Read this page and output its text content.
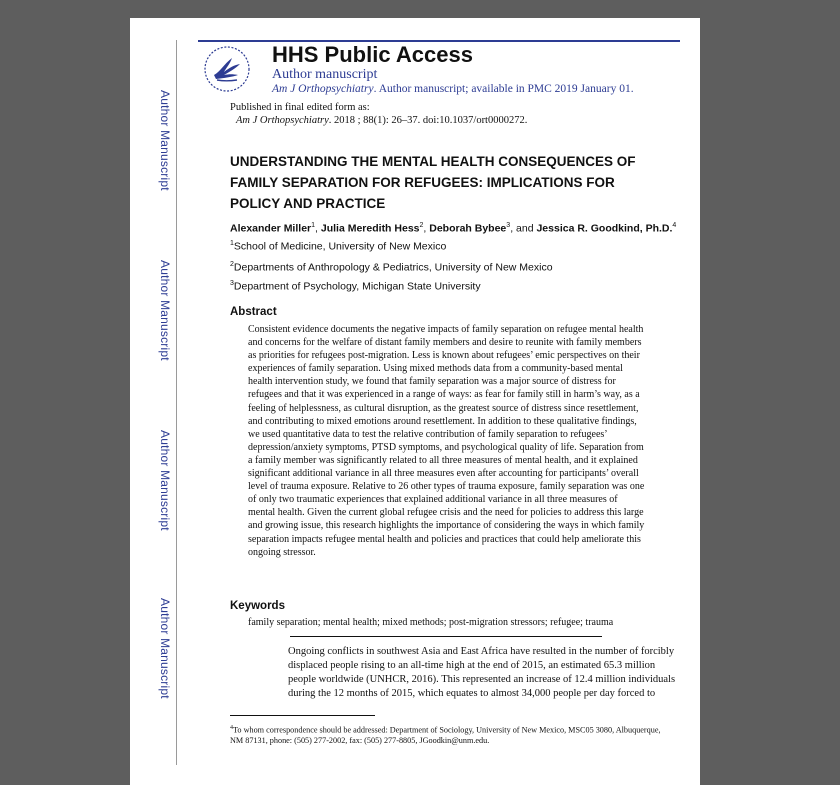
Author Manuscript
Author Manuscript
Author Manuscript
Author Manuscript
HHS Public Access
Author manuscript
Am J Orthopsychiatry. Author manuscript; available in PMC 2019 January 01.
Published in final edited form as:
Am J Orthopsychiatry. 2018 ; 88(1): 26–37. doi:10.1037/ort0000272.
UNDERSTANDING THE MENTAL HEALTH CONSEQUENCES OF FAMILY SEPARATION FOR REFUGEES: IMPLICATIONS FOR POLICY AND PRACTICE
Alexander Miller$^1$, Julia Meredith Hess$^2$, Deborah Bybee$^3$, and Jessica R. Goodkind, Ph.D.$^4$
$^1$School of Medicine, University of New Mexico
$^2$Departments of Anthropology & Pediatrics, University of New Mexico
$^3$Department of Psychology, Michigan State University
Abstract
Consistent evidence documents the negative impacts of family separation on refugee mental health
and concerns for the welfare of distant family members and desire to reunite with family members
as priorities for refugees post-migration. Less is known about refugees’ emic perspectives on their
experiences of family separation. Using mixed methods data from a community-based mental
health intervention study, we found that family separation was a major source of distress for
refugees and that it was experienced in a range of ways: as fear for family still in harm’s way, as a
feeling of helplessness, as cultural disruption, as the greatest source of distress since resettlement,
and contributing to mixed emotions around resettlement. In addition to these qualitative findings,
we used quantitative data to test the relative contribution of family separation to refugees’
depression/anxiety symptoms, PTSD symptoms, and psychological quality of life. Separation from
a family member was significantly related to all three measures of mental health, and it explained
significant additional variance in all three measures even after accounting for participants’ overall
level of trauma exposure. Relative to 26 other types of trauma exposure, family separation was one
of only two traumatic experiences that explained additional variance in all three measures of
mental health. Given the current global refugee crisis and the need for policies to address this large
and growing issue, this research highlights the importance of considering the ways in which family
separation impacts refugee mental health and policies and practices that could help ameliorate this
ongoing stressor.
Keywords
family separation; mental health; mixed methods; post-migration stressors; refugee; trauma
Ongoing conflicts in southwest Asia and East Africa have resulted in the number of forcibly
displaced people rising to an all-time high at the end of 2015, an estimated 65.3 million
people worldwide (UNHCR, 2016). This represented an increase of 12.4 million individuals
during the 12 months of 2015, which equates to almost 34,000 people per day forced to
$^4$To whom correspondence should be addressed: Department of Sociology, University of New Mexico, MSC05 3080, Albuquerque,
NM 87131, phone: (505) 277-2002, fax: (505) 277-8805, JGoodkin@unm.edu.
